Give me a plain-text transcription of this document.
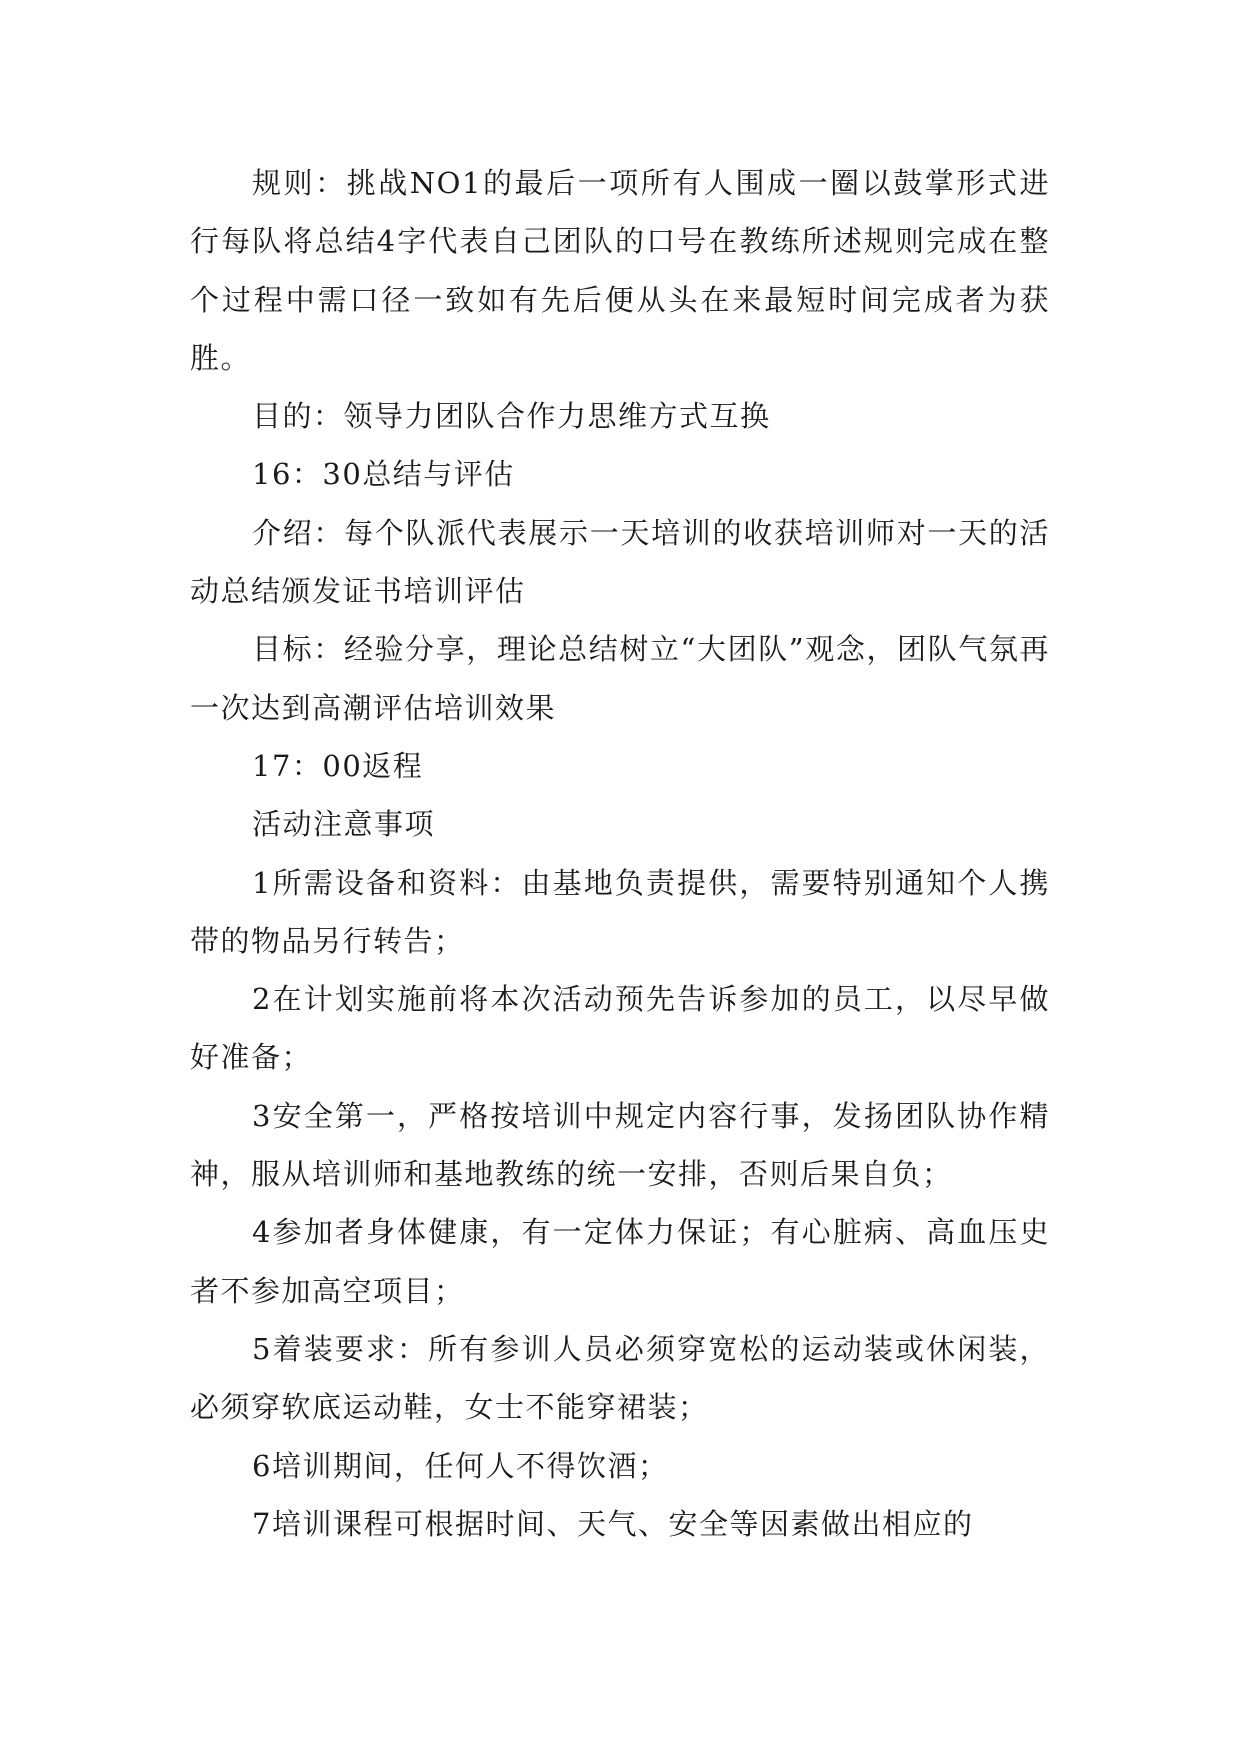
规则：挑战NO1的最后一项所有人围成一圈以鼓掌形式进行每队将总结4字代表自己团队的口号在教练所述规则完成在整个过程中需口径一致如有先后便从头在来最短时间完成者为获胜。

目的：领导力团队合作力思维方式互换

16：30总结与评估

介绍：每个队派代表展示一天培训的收获培训师对一天的活动总结颁发证书培训评估

目标：经验分享，理论总结树立“大团队”观念，团队气氛再一次达到高潮评估培训效果

17：00返程

活动注意事项

1所需设备和资料：由基地负责提供，需要特别通知个人携带的物品另行转告；

2在计划实施前将本次活动预先告诉参加的员工，以尽早做好准备；

3安全第一，严格按培训中规定内容行事，发扬团队协作精神，服从培训师和基地教练的统一安排，否则后果自负；

4参加者身体健康，有一定体力保证；有心脏病、高血压史者不参加高空项目；

5着装要求：所有参训人员必须穿宽松的运动装或休闲装，必须穿软底运动鞋，女士不能穿裙装；

6培训期间，任何人不得饮酒；

7培训课程可根据时间、天气、安全等因素做出相应的
